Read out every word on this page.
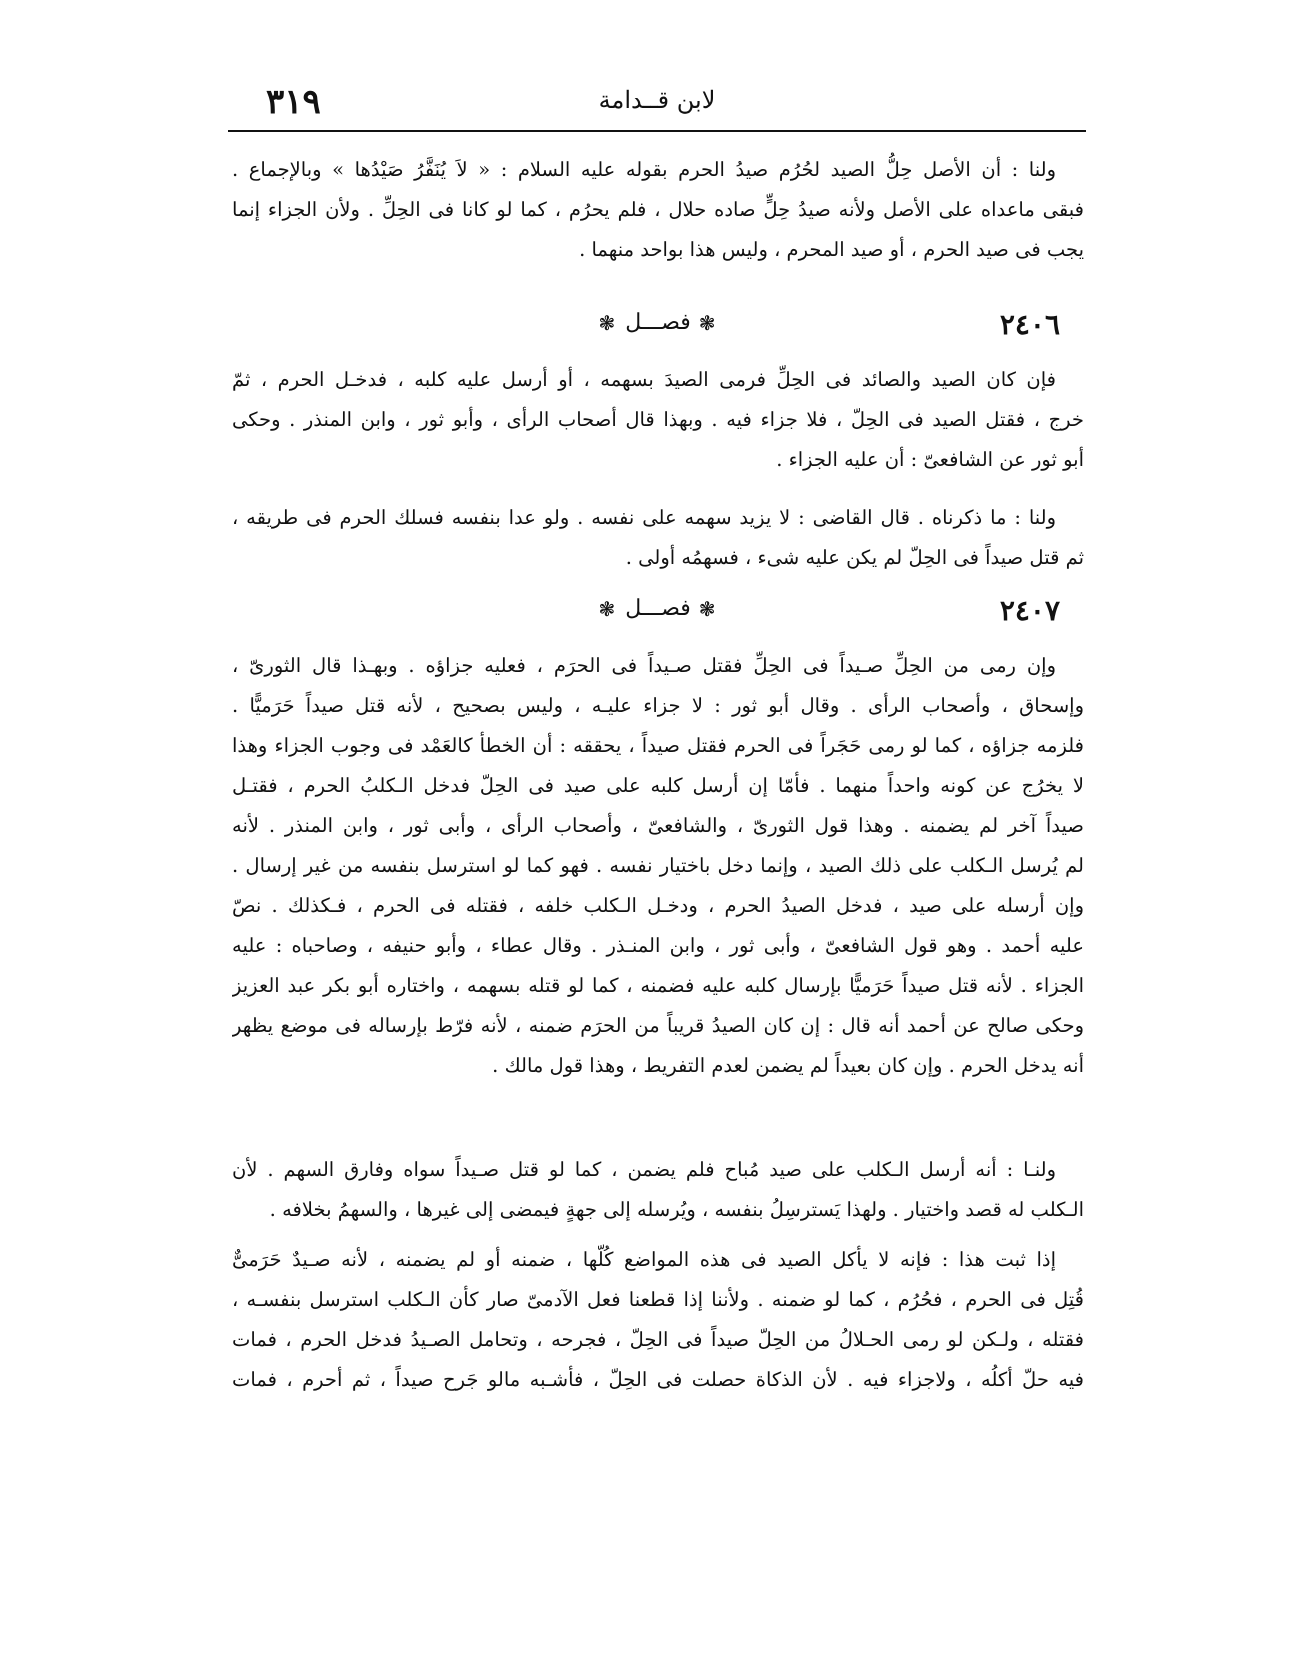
٣١٩	لابن قــدامة
ولنا : أن الأصل حِلُّ الصيد لحُرُم صيدُ الحرم بقوله عليه السلام : « لاَ يُنَفَّرُ صَيْدُها » وبالإجماع .
فبقى ماعداه على الأصل ولأنه صيدُ حِلٍّ صاده حلال ، فلم يحرُم ، كما لو كانا فى الحِلِّ . ولأن الجزاء إنما
يجب فى صيد الحرم ، أو صيد المحرم ، وليس هذا بواحد منهما .
٢٤٠٦
❃فصـــل❃
فإن كان الصيد والصائد فى الحِلِّ فرمى الصيدَ بسهمه ، أو أرسل عليه كلبه ، فدخـل الحرم ، ثمّ
خرج ، فقتل الصيد فى الحِلّ ، فلا جزاء فيه . وبهذا قال أصحاب الرأى ، وأبو ثور ، وابن المنذر . وحكى
أبو ثور عن الشافعىّ : أن عليه الجزاء .
ولنا : ما ذكرناه . قال القاضى : لا يزيد سهمه على نفسه . ولو عدا بنفسه فسلك الحرم فى طريقه ،
ثم قتل صيداً فى الحِلّ لم يكن عليه شىء ، فسهمُه أولى .
٢٤٠٧
❃فصـــل❃
وإن رمى من الحِلِّ صـيداً فى الحِلِّ فقتل صـيداً فى الحرَم ، فعليه جزاؤه . وبهـذا قال الثورىّ ،
وإسحاق ، وأصحاب الرأى . وقال أبو ثور : لا جزاء عليـه ، وليس بصحيح ، لأنه قتل صيداً حَرَميًّا .
فلزمه جزاؤه ، كما لو رمى حَجَراً فى الحرم فقتل صيداً ، يحققه : أن الخطأ كالعَمْد فى وجوب الجزاء وهذا
لا يخرُج عن كونه واحداً منهما . فأمّا إن أرسل كلبه على صيد فى الحِلّ فدخل الـكلبُ الحرم ، فقتـل
صيداً آخر لم يضمنه . وهذا قول الثورىّ ، والشافعىّ ، وأصحاب الرأى ، وأبى ثور ، وابن المنذر . لأنه
لم يُرسل الـكلب على ذلك الصيد ، وإنما دخل باختيار نفسه . فهو كما لو استرسل بنفسه من غير إرسال .
وإن أرسله على صيد ، فدخل الصيدُ الحرم ، ودخـل الـكلب خلفه ، فقتله فى الحرم ، فـكذلك . نصّ
عليه أحمد . وهو قول الشافعىّ ، وأبى ثور ، وابن المنـذر . وقال عطاء ، وأبو حنيفه ، وصاحباه : عليه
الجزاء . لأنه قتل صيداً حَرَميًّا بإرسال كلبه عليه فضمنه ، كما لو قتله بسهمه ، واختاره أبو بكر عبد العزيز
وحكى صالح عن أحمد أنه قال : إن كان الصيدُ قريباً من الحرَم ضمنه ، لأنه فرّط بإرساله فى موضع يظهر
أنه يدخل الحرم . وإن كان بعيداً لم يضمن لعدم التفريط ، وهذا قول مالك .
ولنـا : أنه أرسل الـكلب على صيد مُباح فلم يضمن ، كما لو قتل صـيداً سواه وفارق السهم . لأن
الـكلب له قصد واختيار . ولهذا يَسترسِلُ بنفسه ، ويُرسله إلى جهةٍ فيمضى إلى غيرها ، والسهمُ بخلافه .
إذا ثبت هذا : فإنه لا يأكل الصيد فى هذه المواضع كُلّها ، ضمنه أو لم يضمنه ، لأنه صـيدٌ حَرَمىٌّ
قُتِل فى الحرم ، فحُرُم ، كما لو ضمنه . ولأننا إذا قطعنا فعل الآدمىّ صار كأن الـكلب استرسل بنفسـه ،
فقتله ، ولـكن لو رمى الحـلالُ من الحِلّ صيداً فى الحِلّ ، فجرحه ، وتحامل الصـيدُ فدخل الحرم ، فمات
فيه حلّ أكلُه ، ولاجزاء فيه . لأن الذكاة حصلت فى الحِلّ ، فأشـبه مالو جَرح صيداً ، ثم أحرم ، فمات
